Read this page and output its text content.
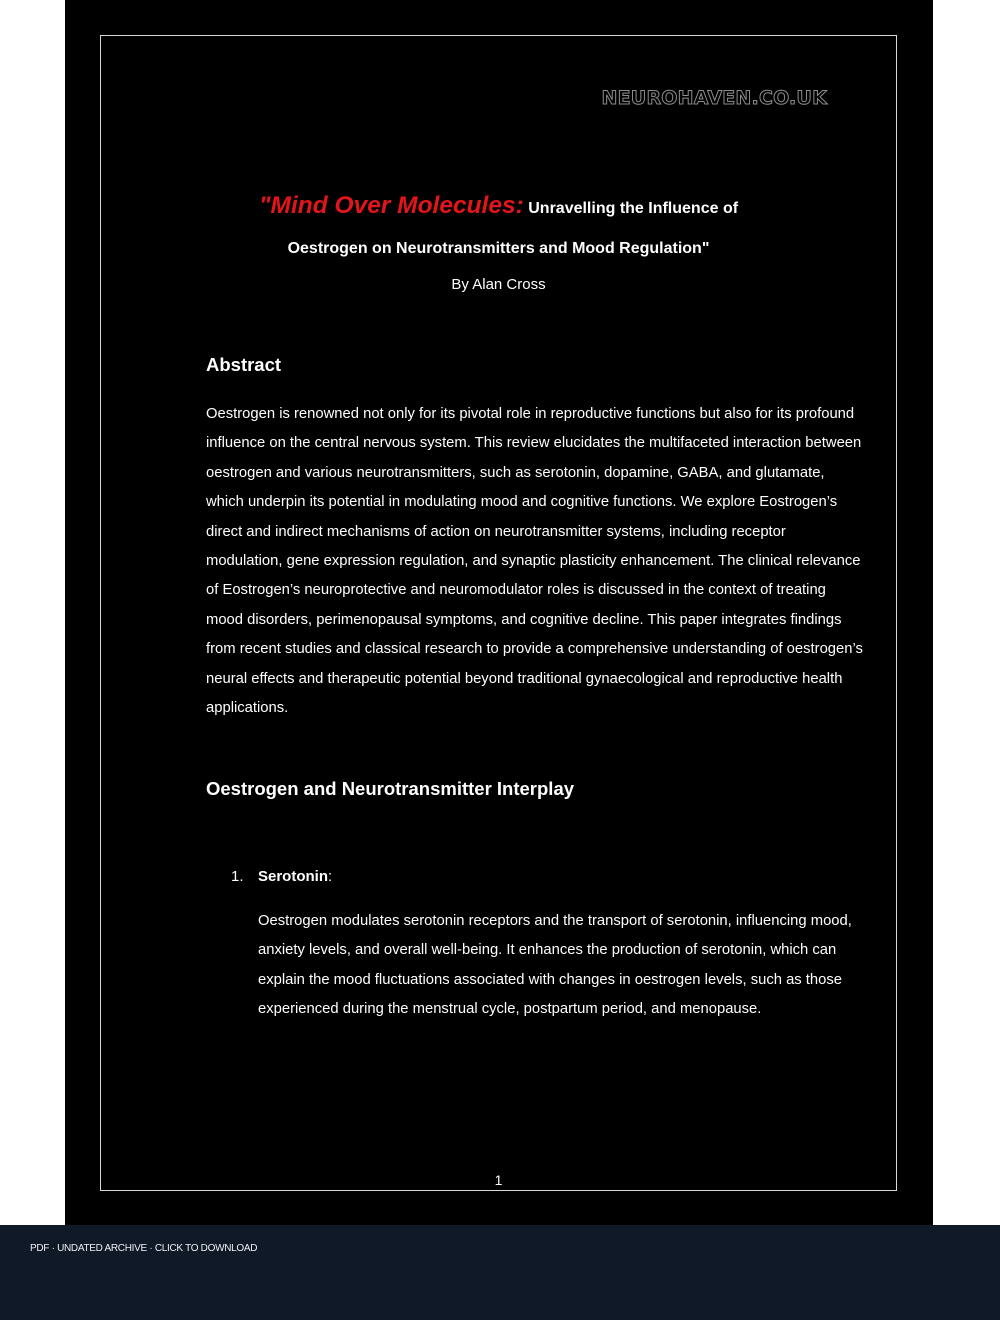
NEUROHAVEN.CO.UK
"Mind Over Molecules: Unravelling the Influence of
Oestrogen on Neurotransmitters and Mood Regulation"
By Alan Cross
Abstract

Oestrogen is renowned not only for its pivotal role in reproductive functions but also for its profound influence on the central nervous system. This review elucidates the multifaceted interaction between oestrogen and various neurotransmitters, such as serotonin, dopamine, GABA, and glutamate, which underpin its potential in modulating mood and cognitive functions. We explore Eostrogen’s direct and indirect mechanisms of action on neurotransmitter systems, including receptor modulation, gene expression regulation, and synaptic plasticity enhancement. The clinical relevance of Eostrogen’s neuroprotective and neuromodulator roles is discussed in the context of treating mood disorders, perimenopausal symptoms, and cognitive decline. This paper integrates findings from recent studies and classical research to provide a comprehensive understanding of oestrogen’s neural effects and therapeutic potential beyond traditional gynaecological and reproductive health applications.

Oestrogen and Neurotransmitter Interplay
1. Serotonin:

Oestrogen modulates serotonin receptors and the transport of serotonin, influencing mood, anxiety levels, and overall well-being. It enhances the production of serotonin, which can explain the mood fluctuations associated with changes in oestrogen levels, such as those experienced during the menstrual cycle, postpartum period, and menopause.

1
PDF · UNDATED ARCHIVE · CLICK TO DOWNLOAD
